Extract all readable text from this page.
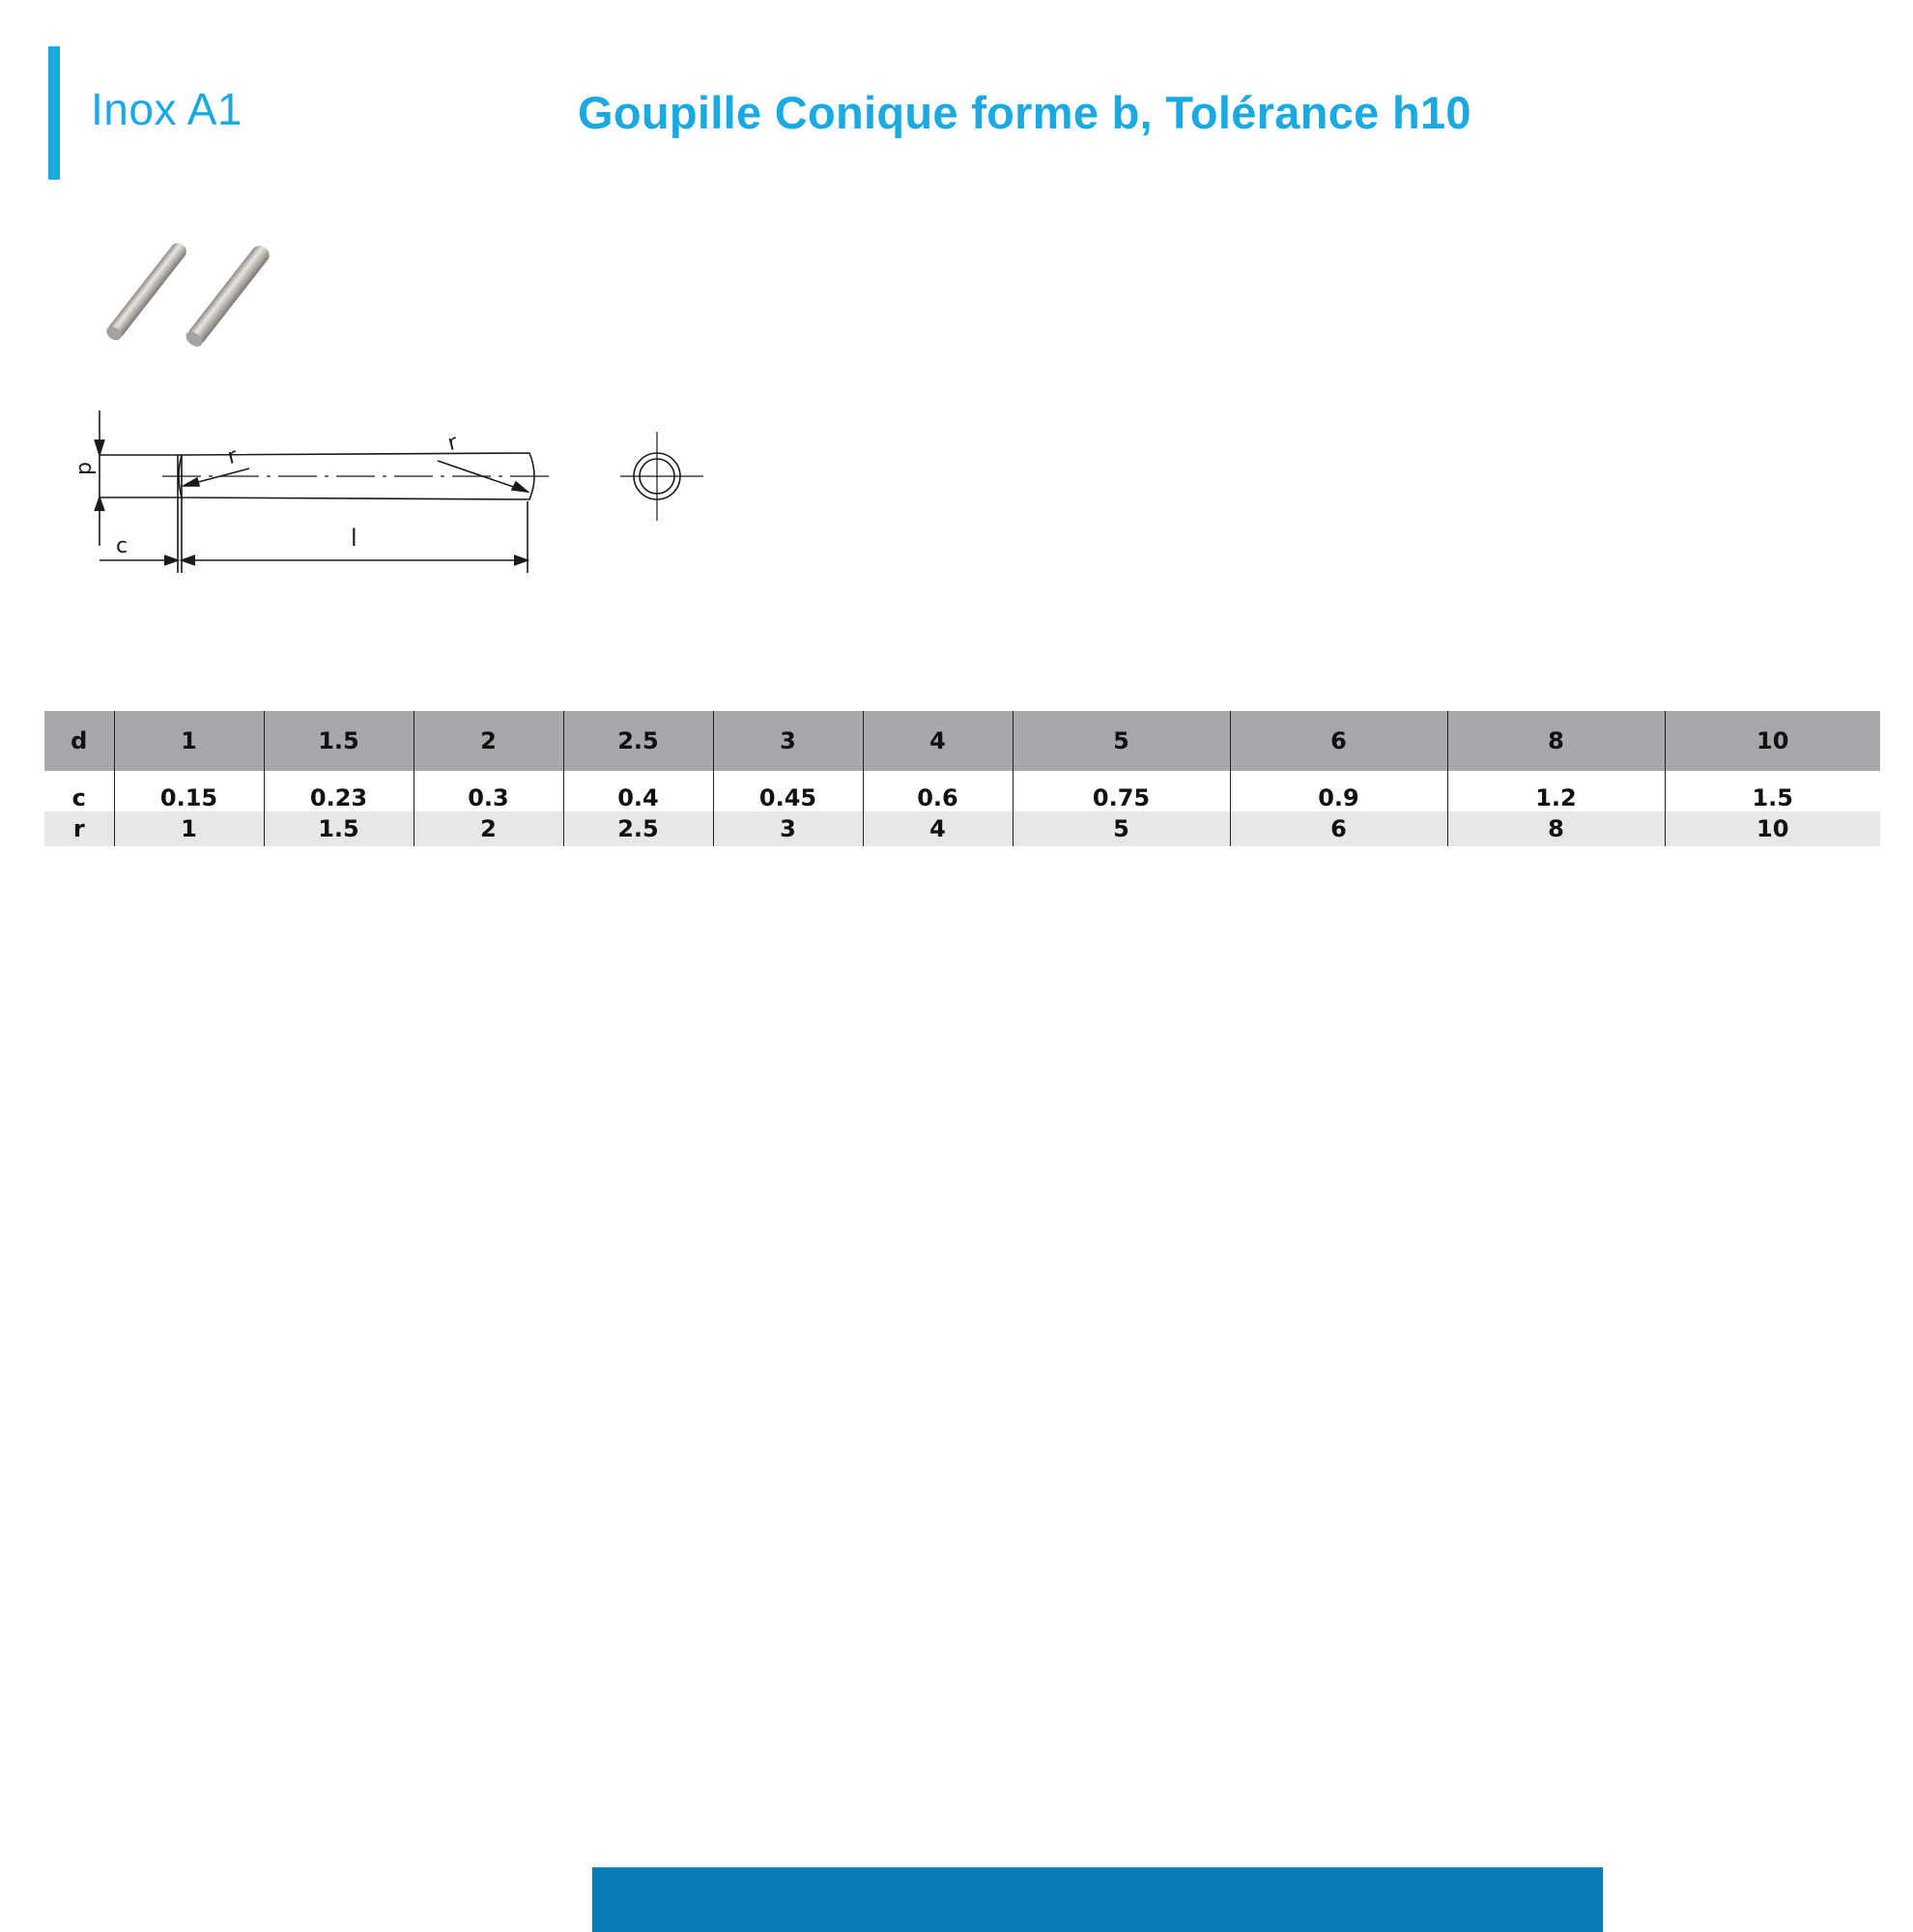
Inox A1	Goupille Conique forme b, Tolérance h10
d
c	l
r
r
d	1	1.5	2	2.5	3	4	5	6	8	10
c	0.15	0.23	0.3	0.4	0.45	0.6	0.75	0.9	1.2	1.5
r	1	1.5	2	2.5	3	4	5	6	8	10
